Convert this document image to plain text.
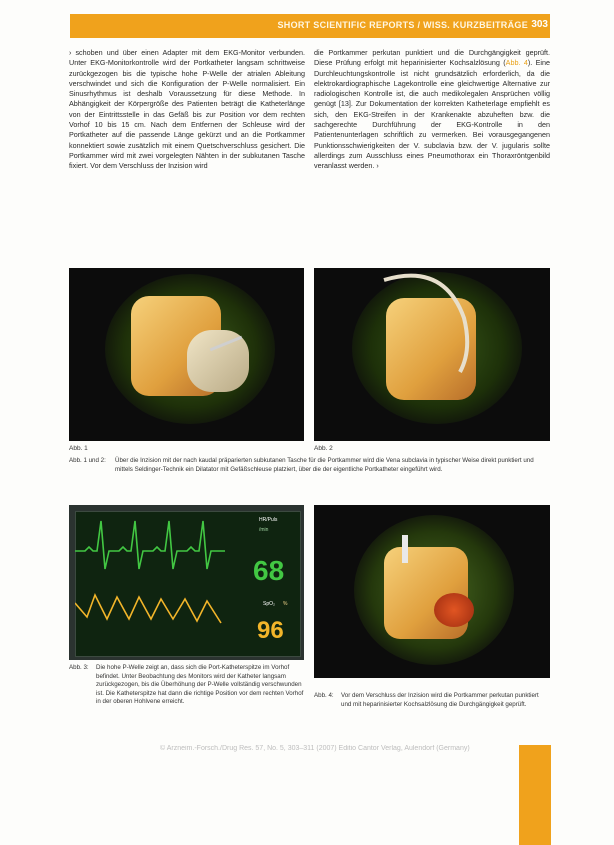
SHORT SCIENTIFIC REPORTS / WISS. KURZBEITRÄGE 303

› schoben und über einen Adapter mit dem EKG-Monitor verbunden. Unter EKG-Monitorkontrolle wird der Portkatheter langsam schrittweise zurückgezogen bis die typische hohe P-Welle der atrialen Ableitung verschwindet und sich die Konfiguration der P-Welle normalisiert. Ein Sinusrhythmus ist deshalb Voraussetzung für diese Methode. In Abhängigkeit der Körpergröße des Patienten beträgt die Katheterlänge von der Eintrittsstelle in das Gefäß bis zur Position vor dem rechten Vorhof 10 bis 15 cm. Nach dem Entfernen der Schleuse wird der Portkatheter auf die passende Länge gekürzt und an die Portkammer konnektiert sowie zusätzlich mit einem Quetschverschluss gesichert. Die Portkammer wird mit zwei vorgelegten Nähten in der subkutanen Tasche fixiert. Vor dem Verschluss der Inzision wird

die Portkammer perkutan punktiert und die Durchgängigkeit geprüft. Diese Prüfung erfolgt mit heparinisierter Kochsalzlösung (Abb. 4). Eine Durchleuchtungskontrolle ist nicht grundsätzlich erforderlich, da die elektrokardiographische Lagekontrolle eine gleichwertige Alternative zur radiologischen Kontrolle ist, die auch medikolegalen Ansprüchen völlig genügt [13]. Zur Dokumentation der korrekten Katheterlage empfiehlt es sich, den EKG-Streifen in der Krankenakte abzuheften bzw. die sachgerechte Durchführung der EKG-Kontrolle in den Patientenunterlagen schriftlich zu vermerken. Bei vorausgegangenen Punktionsschwierigkeiten der V. subclavia bzw. der V. jugularis sollte allerdings zum Ausschluss eines Pneumothorax ein Thoraxröntgenbild veranlasst werden. ›

Abb. 1	Abb. 2
Abb. 1 und 2:	Über die Inzision mit der nach kaudal präparierten subkutanen Tasche für die Portkammer wird die Vena subclavia in typischer Weise direkt punktiert und mittels Seldinger-Technik ein Dilatator mit Gefäßschleuse platziert, über die der eigentliche Portkatheter eingeführt wird.
HR/Puls
68
/min
SpO₂ %
96
Abb. 3:	Die hohe P-Welle zeigt an, dass sich die Port-Katheterspitze im Vorhof befindet. Unter Beobachtung des Monitors wird der Katheter langsam zurückgezogen, bis die Überhöhung der P-Welle vollständig verschwunden ist. Die Katheterspitze hat dann die richtige Position vor dem rechten Vorhof in der oberen Hohlvene erreicht.
Abb. 4:	Vor dem Verschluss der Inzision wird die Portkammer perkutan punktiert und mit heparinisierter Kochsalzlösung die Durchgängigkeit geprüft.
© Arzneim.-Forsch./Drug Res. 57, No. 5, 303–311 (2007) Editio Cantor Verlag, Aulendorf (Germany)
